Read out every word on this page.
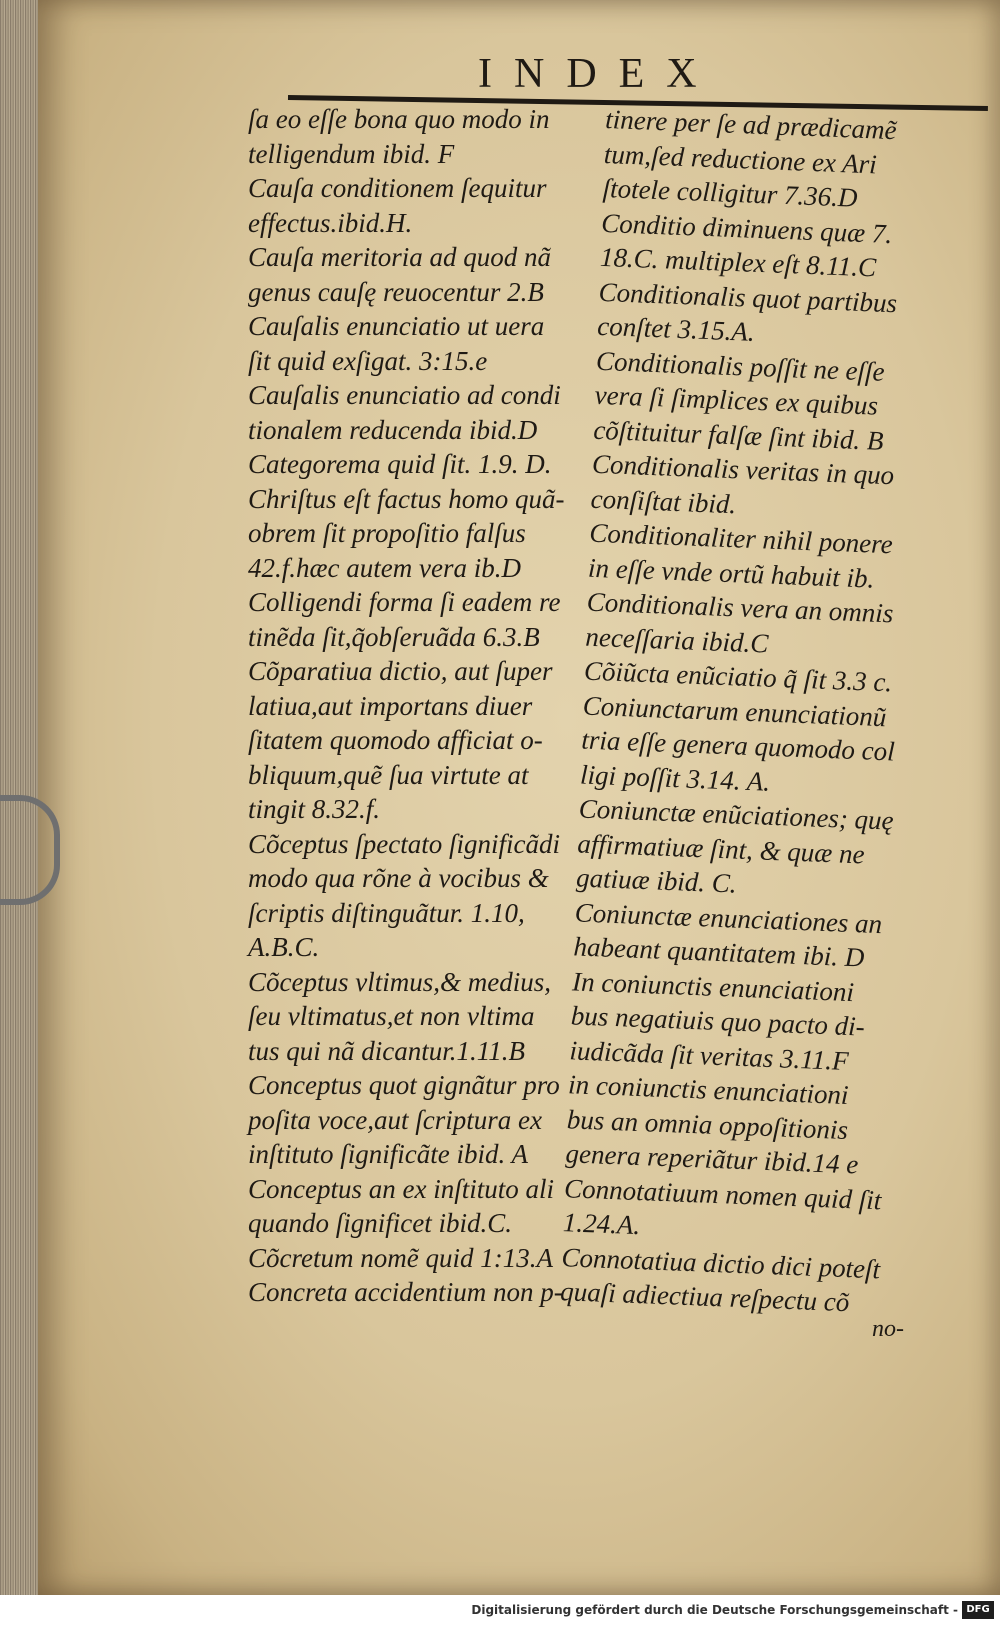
INDEX
ſa eo eſſe bona quo modo in
telligendum ibid. F
Cauſa conditionem ſequitur
effectus.ibid.H.
Cauſa meritoria ad quod nã
genus cauſę reuocentur 2.B
Cauſalis enunciatio ut uera
ſit quid exſigat. 3:15.e
Cauſalis enunciatio ad condi
tionalem reducenda ibid.D
Categorema quid ſit. 1.9. D.
Chriſtus eſt factus homo quã-
obrem ſit propoſitio falſus
42.f.hæc autem vera ib.D
Colligendi forma ſi eadem re
tinẽda ſit,q̃obſeruãda 6.3.B
Cõparatiua dictio, aut ſuper
latiua,aut importans diuer
ſitatem quomodo afficiat o-
bliquum,quẽ ſua virtute at
tingit 8.32.f.
Cõceptus ſpectato ſignificãdi
modo qua rõne à vocibus &
ſcriptis diſtinguãtur. 1.10,
A.B.C.
Cõceptus vltimus,& medius,
ſeu vltimatus,et non vltima
tus qui nã dicantur.1.11.B
Conceptus quot gignãtur pro
poſita voce,aut ſcriptura ex
inſtituto ſignificãte ibid. A
Conceptus an ex inſtituto ali
quando ſignificet ibid.C.
Cõcretum nomẽ quid 1:13.A
Concreta accidentium non p-
tinere per ſe ad prædicamẽ
tum,ſed reductione ex Ari
ſtotele colligitur 7.36.D
Conditio diminuens quæ 7.
18.C. multiplex eſt 8.11.C
Conditionalis quot partibus
conſtet 3.15.A.
Conditionalis poſſit ne eſſe
vera ſi ſimplices ex quibus
cõſtituitur falſæ ſint ibid. B
Conditionalis veritas in quo
conſiſtat ibid.
Conditionaliter nihil ponere
in eſſe vnde ortũ habuit ib.
Conditionalis vera an omnis
neceſſaria ibid.C
Cõiũcta enũciatio q̃ ſit 3.3 c.
Coniunctarum enunciationũ
tria eſſe genera quomodo col
ligi poſſit 3.14. A.
Coniunctæ enũciationes; quę
affirmatiuæ ſint, & quæ ne
gatiuæ ibid. C.
Coniunctæ enunciationes an
habeant quantitatem ibi. D
In coniunctis enunciationi
bus negatiuis quo pacto di-
iudicãda ſit veritas 3.11.F
in coniunctis enunciationi
bus an omnia oppoſitionis
genera reperiãtur ibid.14 e
Connotatiuum nomen quid ſit
1.24.A.
Connotatiua dictio dici poteſt
quaſi adiectiua reſpectu cõ
no-
Digitalisierung gefördert durch die Deutsche Forschungsgemeinschaft - DFG
